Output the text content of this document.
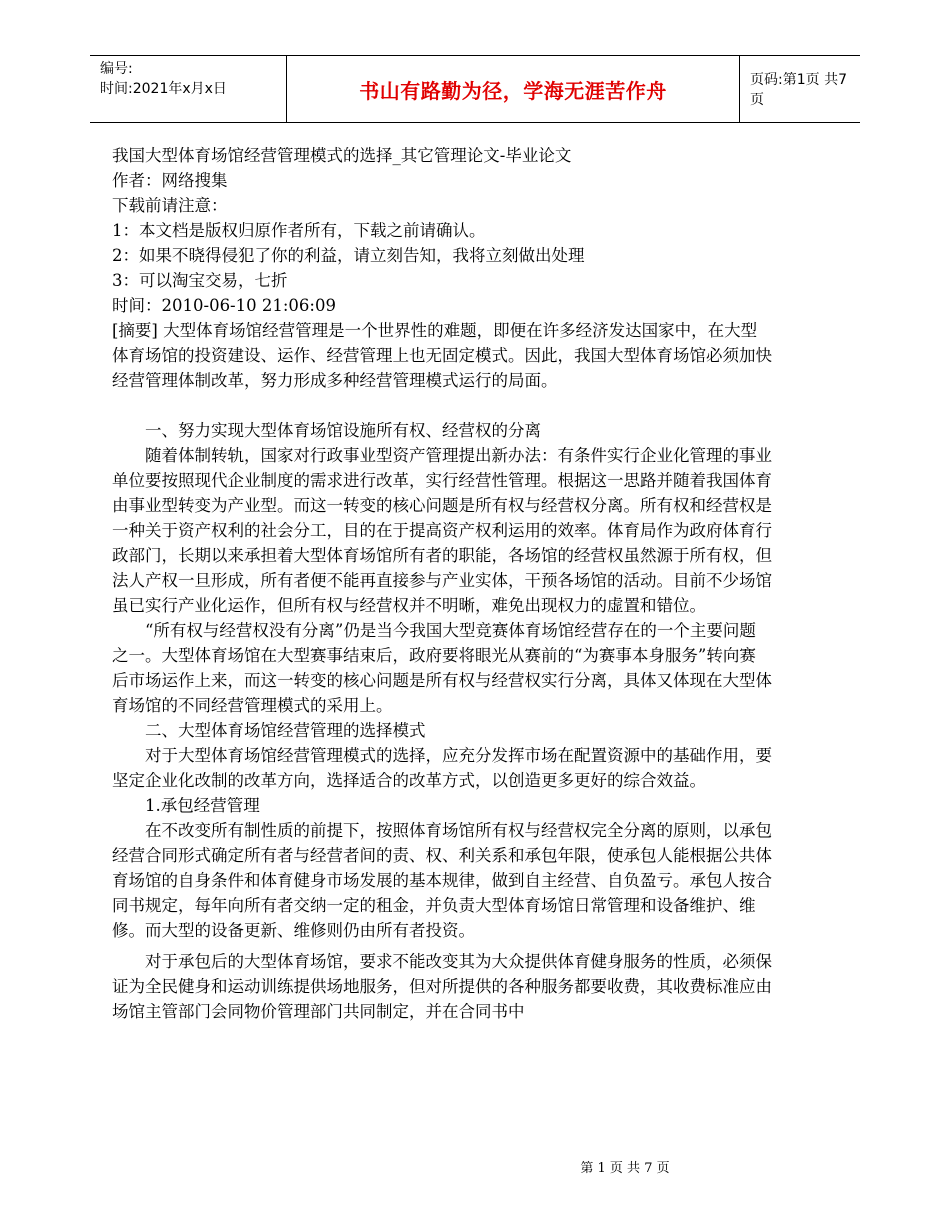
编号:
时间:2021年x月x日	书山有路勤为径，学海无涯苦作舟	页码:第1页 共7页

我国大型体育场馆经营管理模式的选择_其它管理论文-毕业论文

作者：网络搜集

下载前请注意：

1：本文档是版权归原作者所有，下载之前请确认。

2：如果不晓得侵犯了你的利益，请立刻告知，我将立刻做出处理

3：可以淘宝交易，七折

时间：2010-06-10 21:06:09

[摘要] 大型体育场馆经营管理是一个世界性的难题，即便在许多经济发达国家中，在大型体育场馆的投资建设、运作、经营管理上也无固定模式。因此，我国大型体育场馆必须加快经营管理体制改革，努力形成多种经营管理模式运行的局面。

一、努力实现大型体育场馆设施所有权、经营权的分离

随着体制转轨，国家对行政事业型资产管理提出新办法：有条件实行企业化管理的事业单位要按照现代企业制度的需求进行改革，实行经营性管理。根据这一思路并随着我国体育由事业型转变为产业型。而这一转变的核心问题是所有权与经营权分离。所有权和经营权是一种关于资产权利的社会分工，目的在于提高资产权利运用的效率。体育局作为政府体育行政部门，长期以来承担着大型体育场馆所有者的职能，各场馆的经营权虽然源于所有权，但法人产权一旦形成，所有者便不能再直接参与产业实体，干预各场馆的活动。目前不少场馆虽已实行产业化运作，但所有权与经营权并不明晰，难免出现权力的虚置和错位。

“所有权与经营权没有分离”仍是当今我国大型竞赛体育场馆经营存在的一个主要问题之一。大型体育场馆在大型赛事结束后，政府要将眼光从赛前的“为赛事本身服务”转向赛后市场运作上来，而这一转变的核心问题是所有权与经营权实行分离，具体又体现在大型体育场馆的不同经营管理模式的采用上。

二、大型体育场馆经营管理的选择模式

对于大型体育场馆经营管理模式的选择，应充分发挥市场在配置资源中的基础作用，要坚定企业化改制的改革方向，选择适合的改革方式，以创造更多更好的综合效益。

1.承包经营管理

在不改变所有制性质的前提下，按照体育场馆所有权与经营权完全分离的原则，以承包经营合同形式确定所有者与经营者间的责、权、利关系和承包年限，使承包人能根据公共体育场馆的自身条件和体育健身市场发展的基本规律，做到自主经营、自负盈亏。承包人按合同书规定，每年向所有者交纳一定的租金，并负责大型体育场馆日常管理和设备维护、维修。而大型的设备更新、维修则仍由所有者投资。

对于承包后的大型体育场馆，要求不能改变其为大众提供体育健身服务的性质，必须保证为全民健身和运动训练提供场地服务，但对所提供的各种服务都要收费，其收费标准应由场馆主管部门会同物价管理部门共同制定，并在合同书中

第 1 页 共 7 页
